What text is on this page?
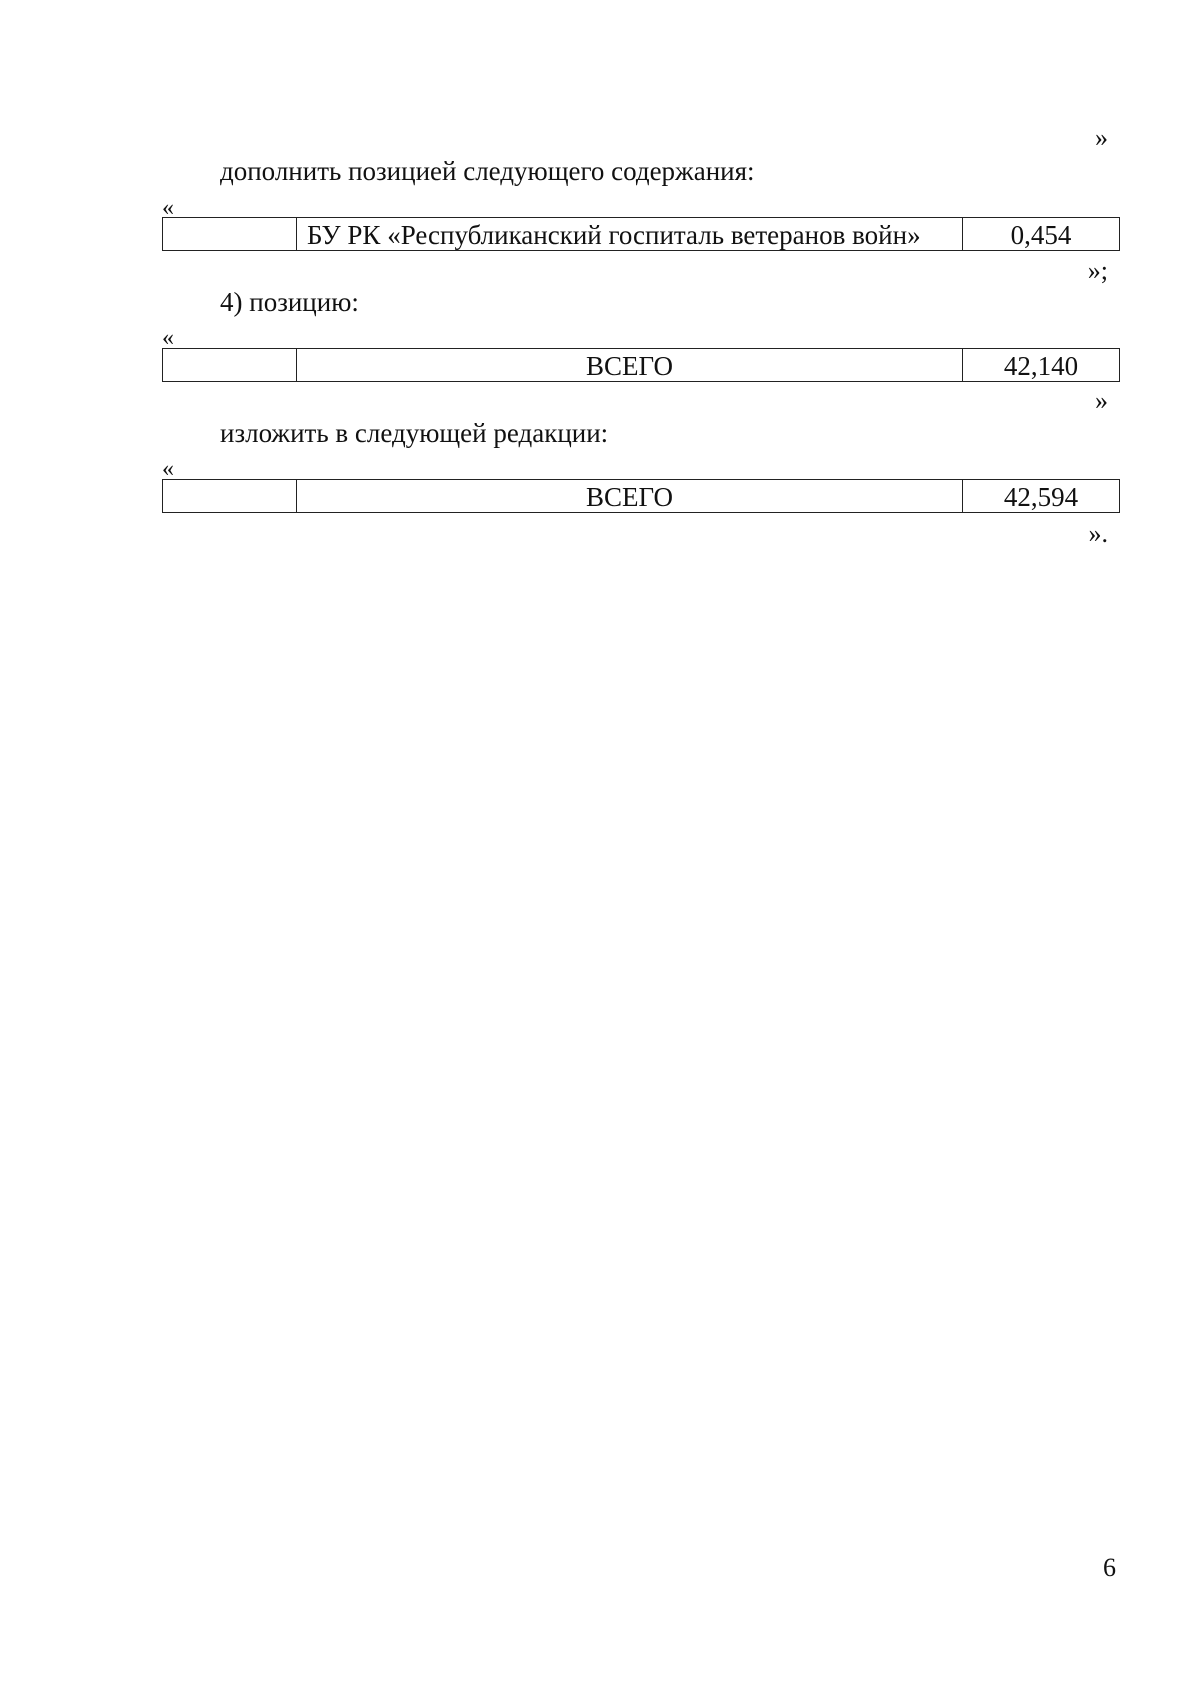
»
дополнить позицией следующего содержания:
«
	БУ РК «Республиканский госпиталь ветеранов войн»	0,454
»;
4) позицию:
«
	ВСЕГО	42,140
»
изложить в следующей редакции:
«
	ВСЕГО	42,594
».
6
